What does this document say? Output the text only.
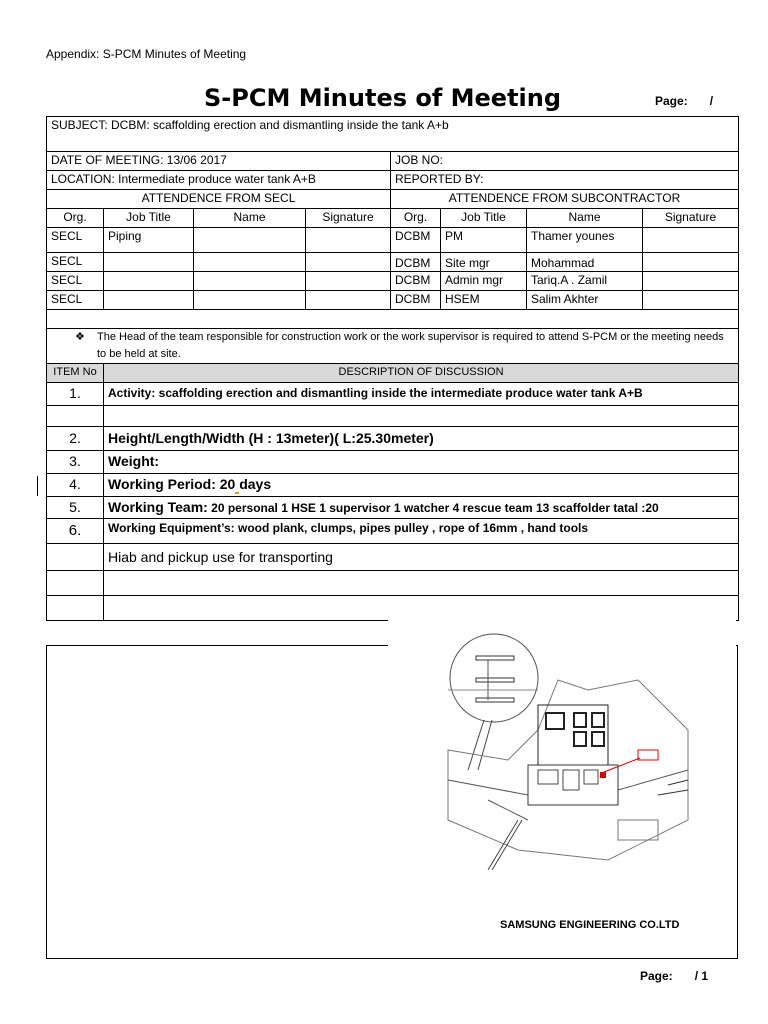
Appendix: S-PCM Minutes of Meeting
S-PCM Minutes of Meeting	Page: /
SUBJECT: DCBM: scaffolding erection and dismantling inside the tank A+b							
DATE OF MEETING: 13/06 2017				JOB NO:			
LOCATION: Intermediate produce water tank A+B				REPORTED BY:			
ATTENDENCE FROM SECL				ATTENDENCE FROM SUBCONTRACTOR			
Org.	Job Title	Name	Signature	Org.	Job Title	Name	Signature
SECL	Piping			DCBM	PM	Thamer younes	
SECL				DCBM	Site mgr	Mohammad	
SECL				DCBM	Admin mgr	Tariq.A . Zamil	
SECL				DCBM	HSEM	Salim Akhter	

❖ The Head of the team responsible for construction work or the work supervisor is required to attend S-PCM or the meeting needs to be held at site.							
ITEM No	DESCRIPTION OF DISCUSSION						
1.	Activity: scaffolding erection and dismantling inside the intermediate produce water tank A+B						

2.	Height/Length/Width (H : 13meter)( L:25.30meter)						
3.	Weight:						
4.	Working Period: 20 days						
5.	Working Team: 20 personal 1 HSE 1 supervisor 1 watcher 4 rescue team 13 scaffolder tatal :20						
6.	Working Equipment’s: wood plank, clumps, pipes pulley , rope of 16mm , hand tools						
	Hiab and pickup use for transporting						

SAMSUNG ENGINEERING CO.LTD
Page: / 1
